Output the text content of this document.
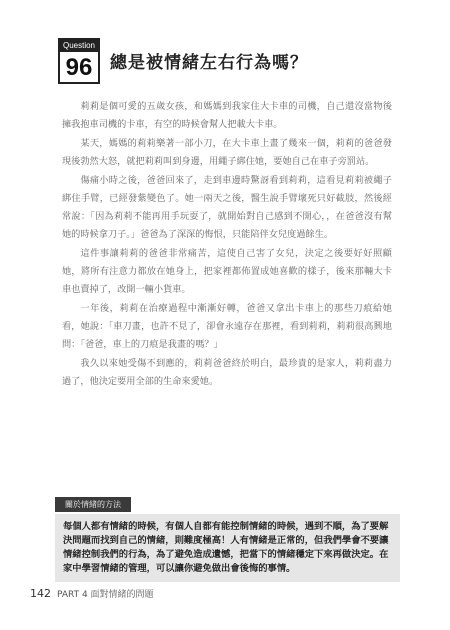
Question
96	總是被情緒左右行為嗎？

莉莉是個可愛的五歲女孩，和媽媽到我家住大卡車的司機，自己還沒當物後擁我抱車司機的卡車，有空的時候會幫人把載大卡車。

某天，媽媽的莉莉樂著一部小刀，在大卡車上畫了幾來一個，莉莉的爸爸發現後勃然大怒，就把莉莉叫到身邊，用繩子綁住她，要她自己在車子旁罰站。

傷痛小時之後，爸爸回來了，走到車邊時驚訝看到莉莉，這看見莉莉被繩子綁住手臂，已經發紫變色了。她一兩天之後，醫生說手臂壞死只好截肢，然後經常說：「因為莉莉不能再用手玩耍了，就開始對自己感到不開心，，在爸爸沒有幫她的時候拿刀子。」爸爸為了深深的悔恨，只能陪伴女兒度過餘生。

這件事讓莉莉的爸爸非常痛苦，這使自己害了女兒，決定之後要好好照顧她，將所有注意力都放在她身上，把家裡都佈置成她喜歡的樣子，後來那輛大卡車也賣掉了，改開一輛小貨車。

一年後，莉莉在治療過程中漸漸好轉，爸爸又拿出卡車上的那些刀痕給她看，她說：「車刀畫，也許不見了，卻會永遠存在那裡，看到莉莉，莉莉很高興地問：「爸爸，車上的刀痕是我畫的嗎？」

我久以來她受傷不到應的，莉莉爸爸終於明白，最珍貴的是家人，莉莉盡力過了，他決定要用全部的生命來愛她。

關於情緒的方法
每個人都有情緒的時候，有個人自都有能控制情緒的時候，遇到不順，為了要解決問題而找到自己的情緒，則難度極高！人有情緒是正常的，但我們學會不要讓情緒控制我們的行為，為了避免造成遺憾，把當下的情緒穩定下來再做決定。在家中學習情緒的管理，可以讓你避免做出會後悔的事情。
142 PART 4 面對情緒的問題
